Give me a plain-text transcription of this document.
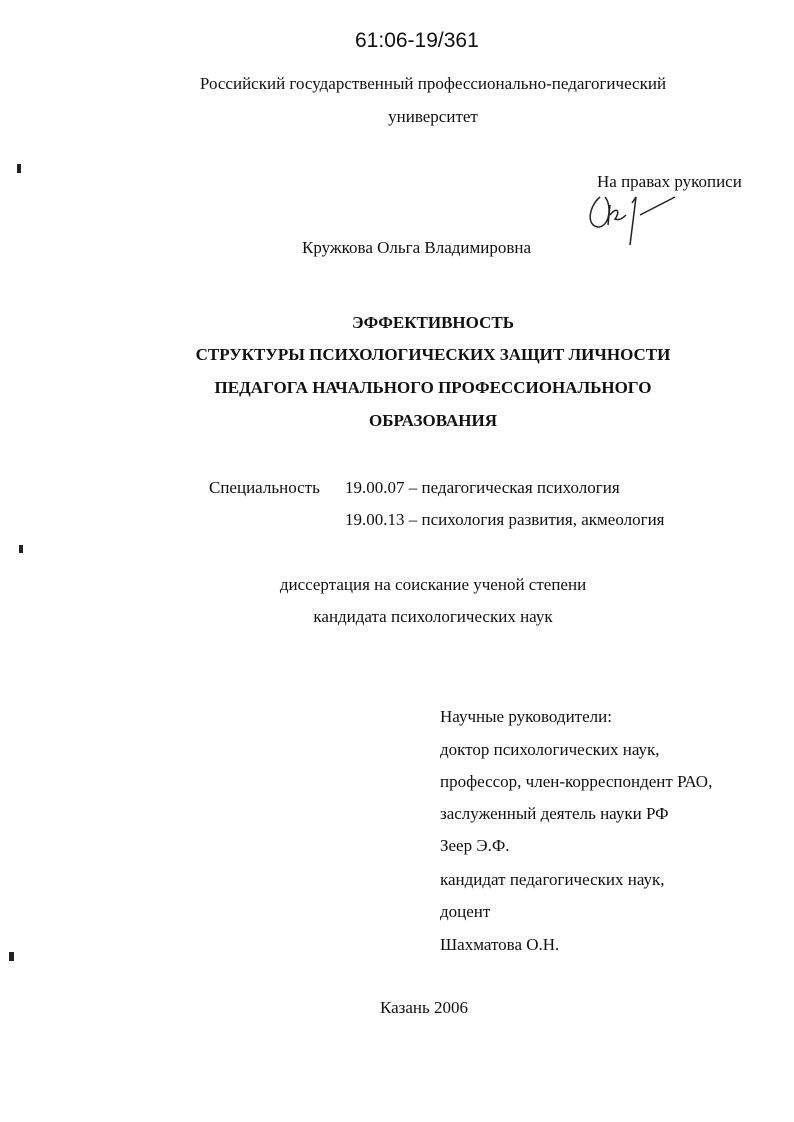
61:06-19/361
Российский государственный профессионально-педагогический
университет
На правах рукописи
Кружкова Ольга Владимировна
ЭФФЕКТИВНОСТЬ
СТРУКТУРЫ ПСИХОЛОГИЧЕСКИХ ЗАЩИТ ЛИЧНОСТИ
ПЕДАГОГА НАЧАЛЬНОГО ПРОФЕССИОНАЛЬНОГО
ОБРАЗОВАНИЯ
Специальность 19.00.07 – педагогическая психология
19.00.13 – психология развития, акмеология
диссертация на соискание ученой степени
кандидата психологических наук
Научные руководители:
доктор психологических наук,
профессор, член-корреспондент РАО,
заслуженный деятель науки РФ
Зеер Э.Ф.
кандидат педагогических наук,
доцент
Шахматова О.Н.
Казань 2006
